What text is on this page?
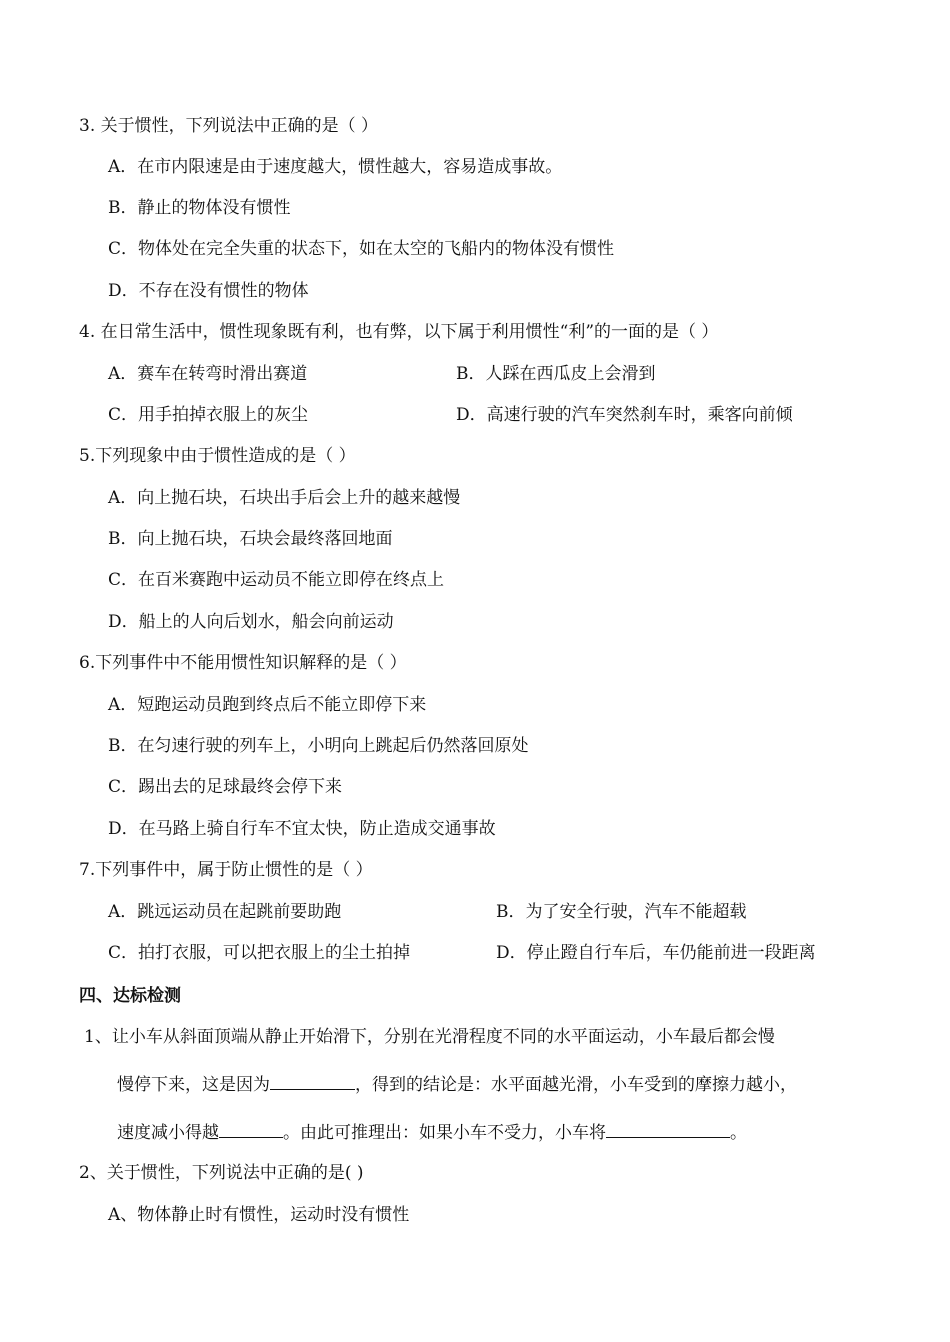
3. 关于惯性，下列说法中正确的是（ ）
A．在市内限速是由于速度越大，惯性越大，容易造成事故。
B．静止的物体没有惯性
C．物体处在完全失重的状态下，如在太空的飞船内的物体没有惯性
D．不存在没有惯性的物体
4. 在日常生活中，惯性现象既有利，也有弊，以下属于利用惯性“利”的一面的是（ ）
A．赛车在转弯时滑出赛道	B．人踩在西瓜皮上会滑到
C．用手拍掉衣服上的灰尘	D．高速行驶的汽车突然刹车时，乘客向前倾
5.下列现象中由于惯性造成的是（ ）
A．向上抛石块，石块出手后会上升的越来越慢
B．向上抛石块，石块会最终落回地面
C．在百米赛跑中运动员不能立即停在终点上
D．船上的人向后划水，船会向前运动
6.下列事件中不能用惯性知识解释的是（ ）
A．短跑运动员跑到终点后不能立即停下来
B．在匀速行驶的列车上，小明向上跳起后仍然落回原处
C．踢出去的足球最终会停下来
D．在马路上骑自行车不宜太快，防止造成交通事故
7.下列事件中，属于防止惯性的是（ ）
A．跳远运动员在起跳前要助跑	B．为了安全行驶，汽车不能超载
C．拍打衣服，可以把衣服上的尘土拍掉	D．停止蹬自行车后，车仍能前进一段距离
四、达标检测
1、让小车从斜面顶端从静止开始滑下，分别在光滑程度不同的水平面运动，小车最后都会慢
慢停下来，这是因为	，得到的结论是：水平面越光滑，小车受到的摩擦力越小，
速度减小得越	。由此可推理出：如果小车不受力，小车将	。
2、关于惯性，下列说法中正确的是( )
A、物体静止时有惯性，运动时没有惯性
